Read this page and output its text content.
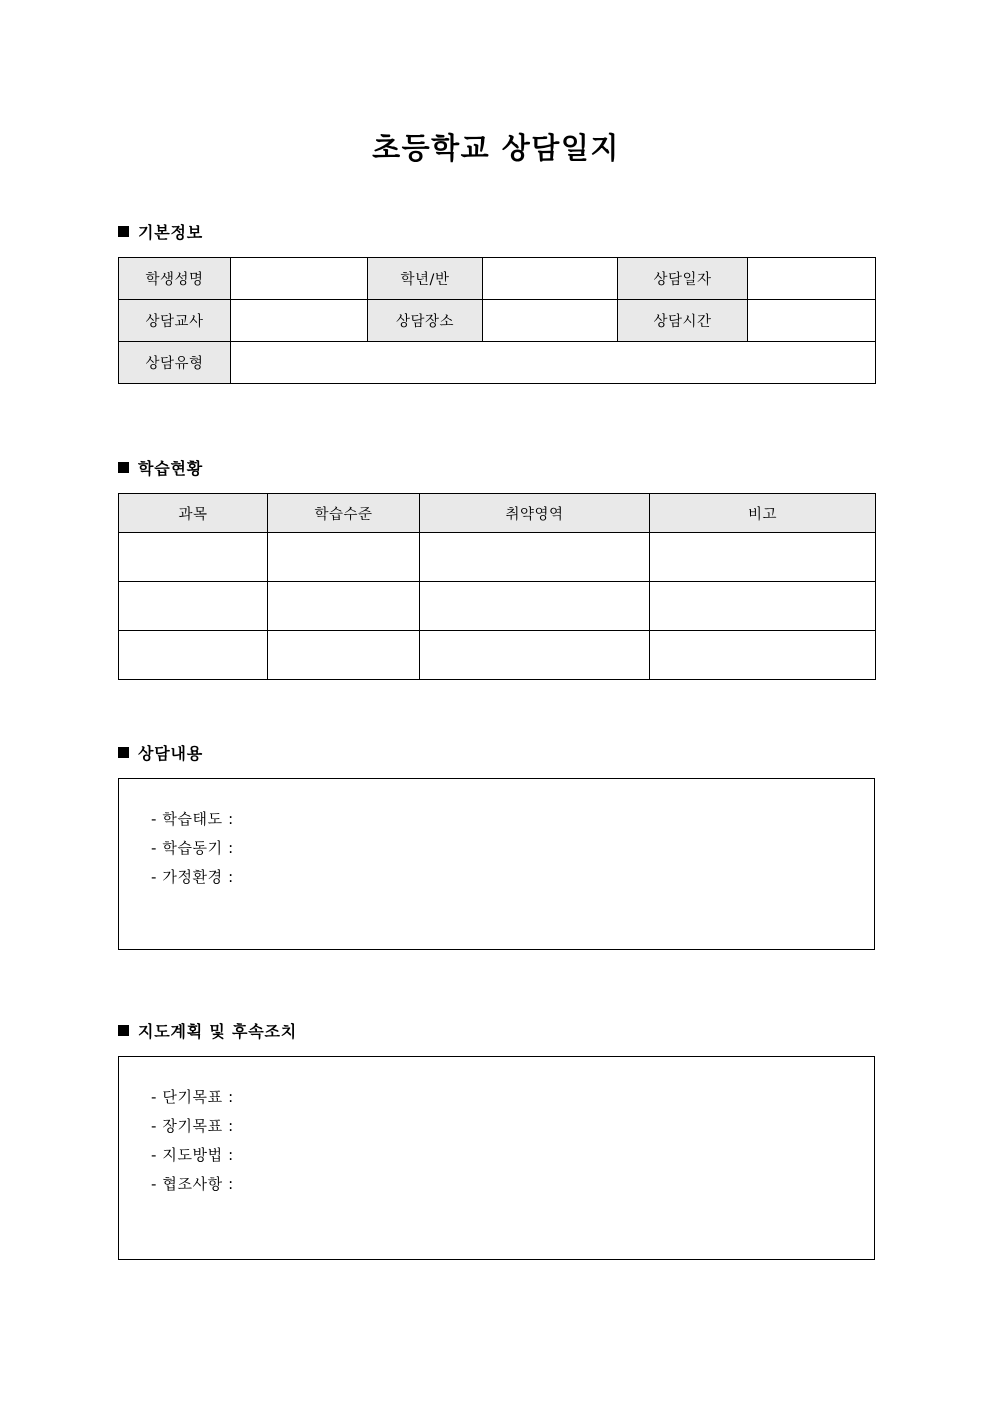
초등학교 상담일지
기본정보
학생성명		학년/반		상담일자	
상담교사		상담장소		상담시간	
상담유형					
학습현황
과목	학습수준	취약영역	비고

상담내용
- 학습태도 :
- 학습동기 :
- 가정환경 :
지도계획 및 후속조치
- 단기목표 :
- 장기목표 :
- 지도방법 :
- 협조사항 :
